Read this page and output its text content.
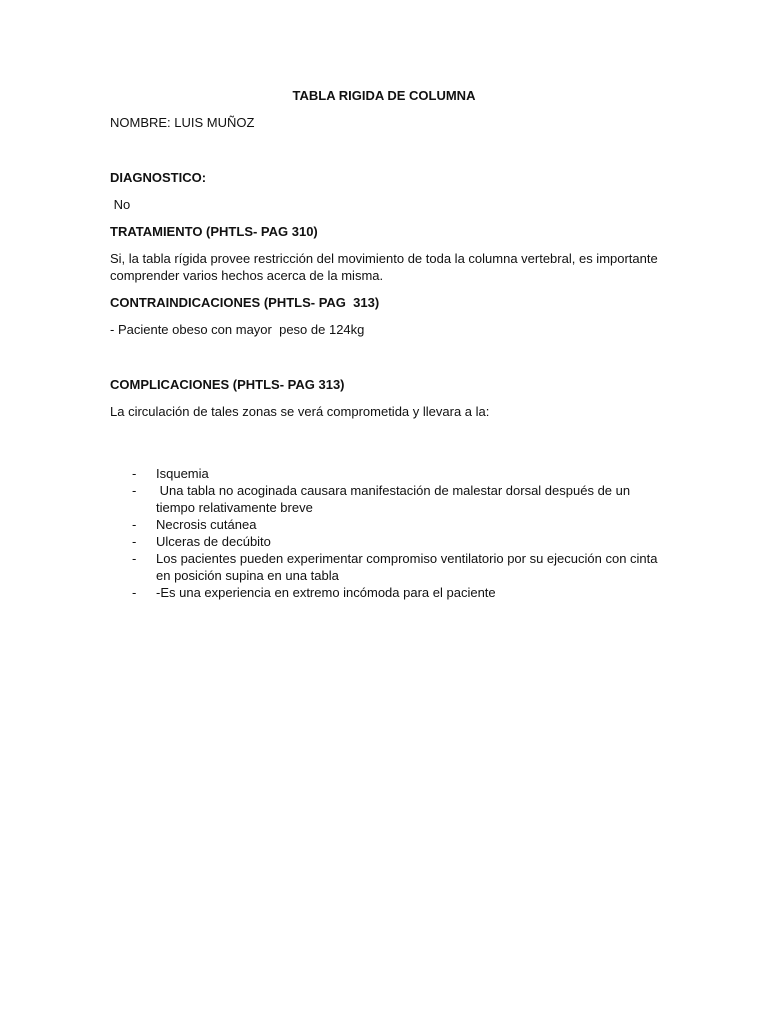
TABLA RIGIDA DE COLUMNA
NOMBRE: LUIS MUÑOZ
DIAGNOSTICO:
No
TRATAMIENTO (PHTLS- PAG 310)
Si, la tabla rígida provee restricción del movimiento de toda la columna vertebral, es importante comprender varios hechos acerca de la misma.
CONTRAINDICACIONES (PHTLS- PAG  313)
- Paciente obeso con mayor  peso de 124kg
COMPLICACIONES (PHTLS- PAG 313)
La circulación de tales zonas se verá comprometida y llevara a la:
- Isquemia
- Una tabla no acoginada causara manifestación de malestar dorsal después de un tiempo relativamente breve
- Necrosis cutánea
- Ulceras de decúbito
- Los pacientes pueden experimentar compromiso ventilatorio por su ejecución con cinta en posición supina en una tabla
- -Es una experiencia en extremo incómoda para el paciente
